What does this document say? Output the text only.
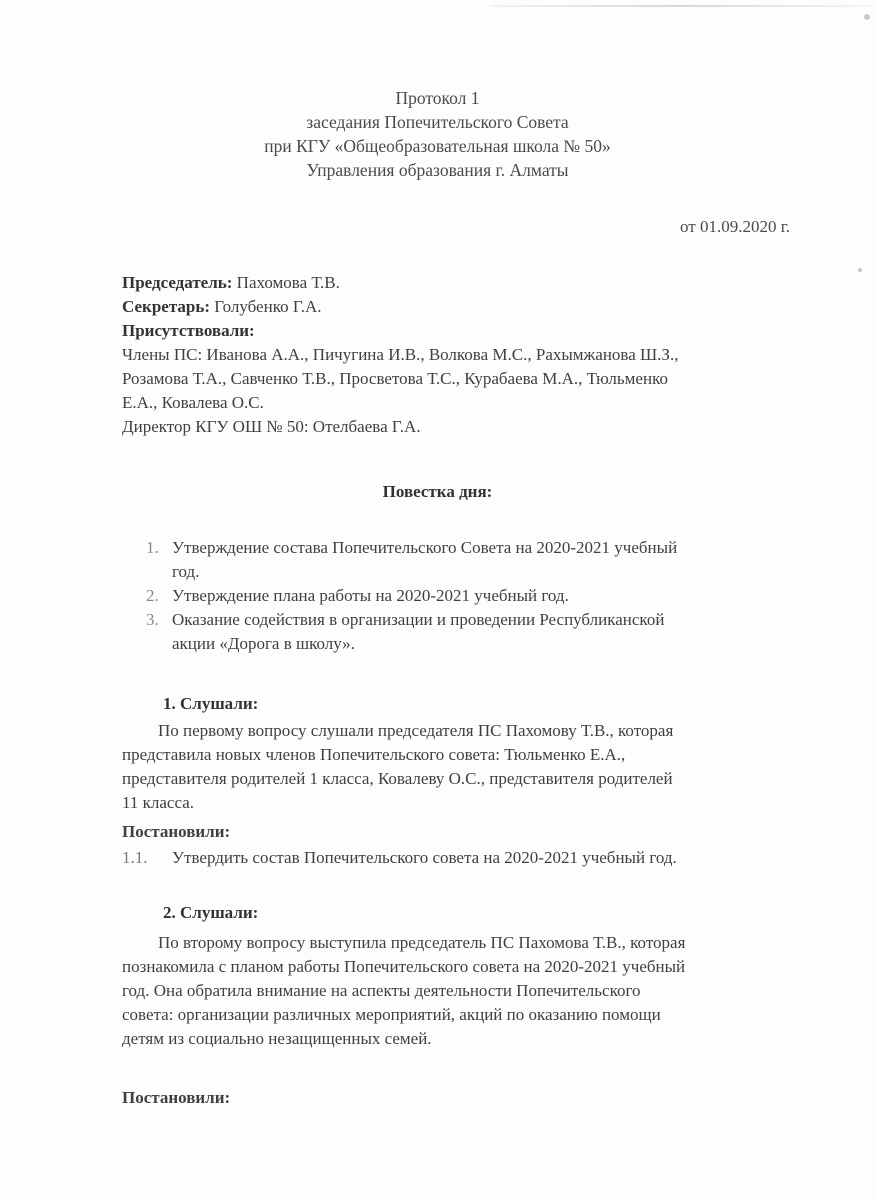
Протокол 1
заседания Попечительского Совета
при КГУ «Общеобразовательная школа № 50»
Управления образования г. Алматы
от 01.09.2020 г.
Председатель: Пахомова Т.В.
Секретарь: Голубенко Г.А.
Присутствовали:
Члены ПС: Иванова А.А., Пичугина И.В., Волкова М.С., Рахымжанова Ш.З.,
Розамова Т.А., Савченко Т.В., Просветова Т.С., Курабаева М.А., Тюльменко
Е.А., Ковалева О.С.
Директор КГУ ОШ № 50: Отелбаева Г.А.
Повестка дня:
1. Утверждение состава Попечительского Совета на 2020-2021 учебный
год.
2. Утверждение плана работы на 2020-2021 учебный год.
3. Оказание содействия в организации и проведении Республиканской
акции «Дорога в школу».
1. Слушали:
По первому вопросу слушали председателя ПС Пахомову Т.В., которая
представила новых членов Попечительского совета: Тюльменко Е.А.,
представителя родителей 1 класса, Ковалеву О.С., представителя родителей
11 класса.
Постановили:
1.1. Утвердить состав Попечительского совета на 2020-2021 учебный год.
2. Слушали:
По второму вопросу выступила председатель ПС Пахомова Т.В., которая
познакомила с планом работы Попечительского совета на 2020-2021 учебный
год. Она обратила внимание на аспекты деятельности Попечительского
совета: организации различных мероприятий, акций по оказанию помощи
детям из социально незащищенных семей.
Постановили:
